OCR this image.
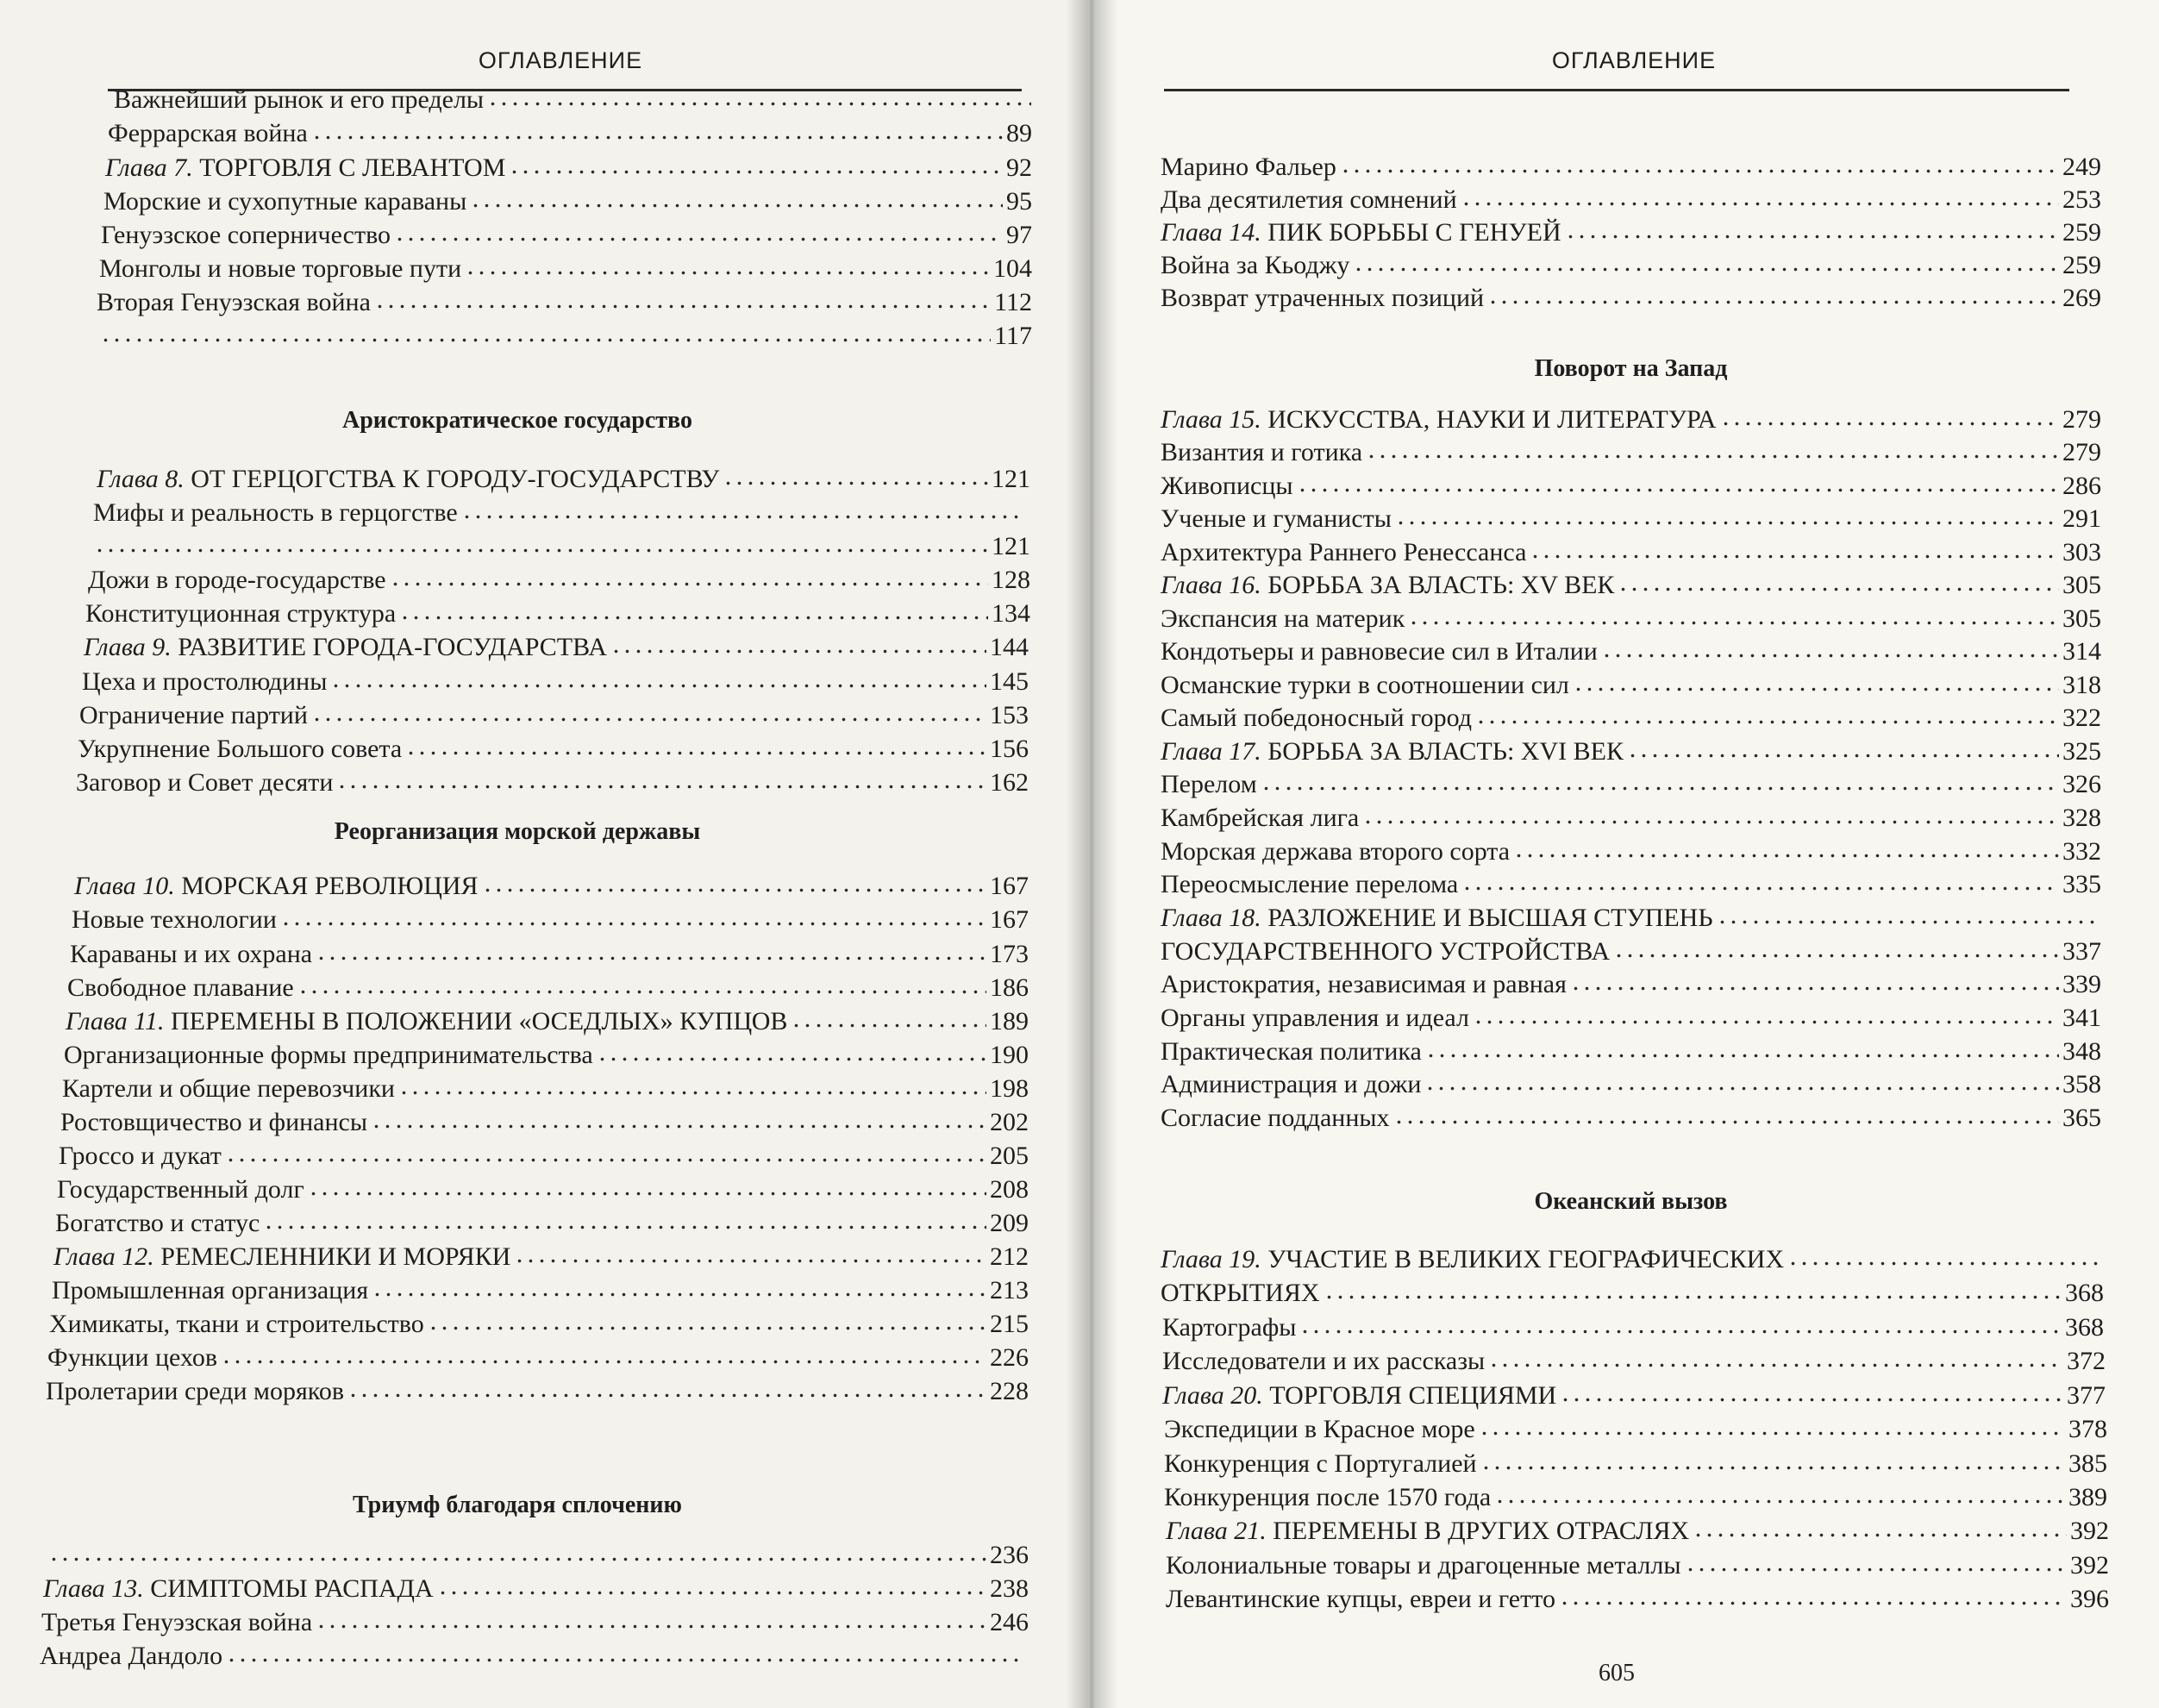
ОГЛАВЛЕНИЕ
Важнейший рынок и его пределы
Феррарская война	89
Глава 7. ТОРГОВЛЯ С ЛЕВАНТОМ	92
Морские и сухопутные караваны	95
Генуэзское соперничество	97
Монголы и новые торговые пути	104
Вторая Генуэзская война	112
117
Аристократическое государство
Глава 8. ОТ ГЕРЦОГСТВА К ГОРОДУ-ГОСУДАРСТВУ	121
Мифы и реальность в герцогстве
121
Дожи в городе-государстве	128
Конституционная структура	134
Глава 9. РАЗВИТИЕ ГОРОДА-ГОСУДАРСТВА	144
Цеха и простолюдины	145
Ограничение партий	153
Укрупнение Большого совета	156
Заговор и Совет десяти	162
Реорганизация морской державы
Глава 10. МОРСКАЯ РЕВОЛЮЦИЯ	167
Новые технологии	167
Караваны и их охрана	173
Свободное плавание	186
Глава 11. ПЕРЕМЕНЫ В ПОЛОЖЕНИИ «ОСЕДЛЫХ» КУПЦОВ	189
Организационные формы предпринимательства	190
Картели и общие перевозчики	198
Ростовщичество и финансы	202
Гроссо и дукат	205
Государственный долг	208
Богатство и статус	209
Глава 12. РЕМЕСЛЕННИКИ И МОРЯКИ	212
Промышленная организация	213
Химикаты, ткани и строительство	215
Функции цехов	226
Пролетарии среди моряков	228
Триумф благодаря сплочению
236
Глава 13. СИМПТОМЫ РАСПАДА	238
Третья Генуэзская война	246
Андреа Дандоло
ОГЛАВЛЕНИЕ
Марино Фальер	249
Два десятилетия сомнений	253
Глава 14. ПИК БОРЬБЫ С ГЕНУЕЙ	259
Война за Кьоджу	259
Возврат утраченных позиций	269
Поворот на Запад
Глава 15. ИСКУССТВА, НАУКИ И ЛИТЕРАТУРА	279
Византия и готика	279
Живописцы	286
Ученые и гуманисты	291
Архитектура Раннего Ренессанса	303
Глава 16. БОРЬБА ЗА ВЛАСТЬ: XV ВЕК	305
Экспансия на материк	305
Кондотьеры и равновесие сил в Италии	314
Османские турки в соотношении сил	318
Самый победоносный город	322
Глава 17. БОРЬБА ЗА ВЛАСТЬ: XVI ВЕК	325
Перелом	326
Камбрейская лига	328
Морская держава второго сорта	332
Переосмысление перелома	335
Глава 18. РАЗЛОЖЕНИЕ И ВЫСШАЯ СТУПЕНЬ
ГОСУДАРСТВЕННОГО УСТРОЙСТВА	337
Аристократия, независимая и равная	339
Органы управления и идеал	341
Практическая политика	348
Администрация и дожи	358
Согласие подданных	365
Океанский вызов
Глава 19. УЧАСТИЕ В ВЕЛИКИХ ГЕОГРАФИЧЕСКИХ
ОТКРЫТИЯХ	368
Картографы	368
Исследователи и их рассказы	372
Глава 20. ТОРГОВЛЯ СПЕЦИЯМИ	377
Экспедиции в Красное море	378
Конкуренция с Португалией	385
Конкуренция после 1570 года	389
Глава 21. ПЕРЕМЕНЫ В ДРУГИХ ОТРАСЛЯХ	392
Колониальные товары и драгоценные металлы	392
Левантинские купцы, евреи и гетто	396
605
